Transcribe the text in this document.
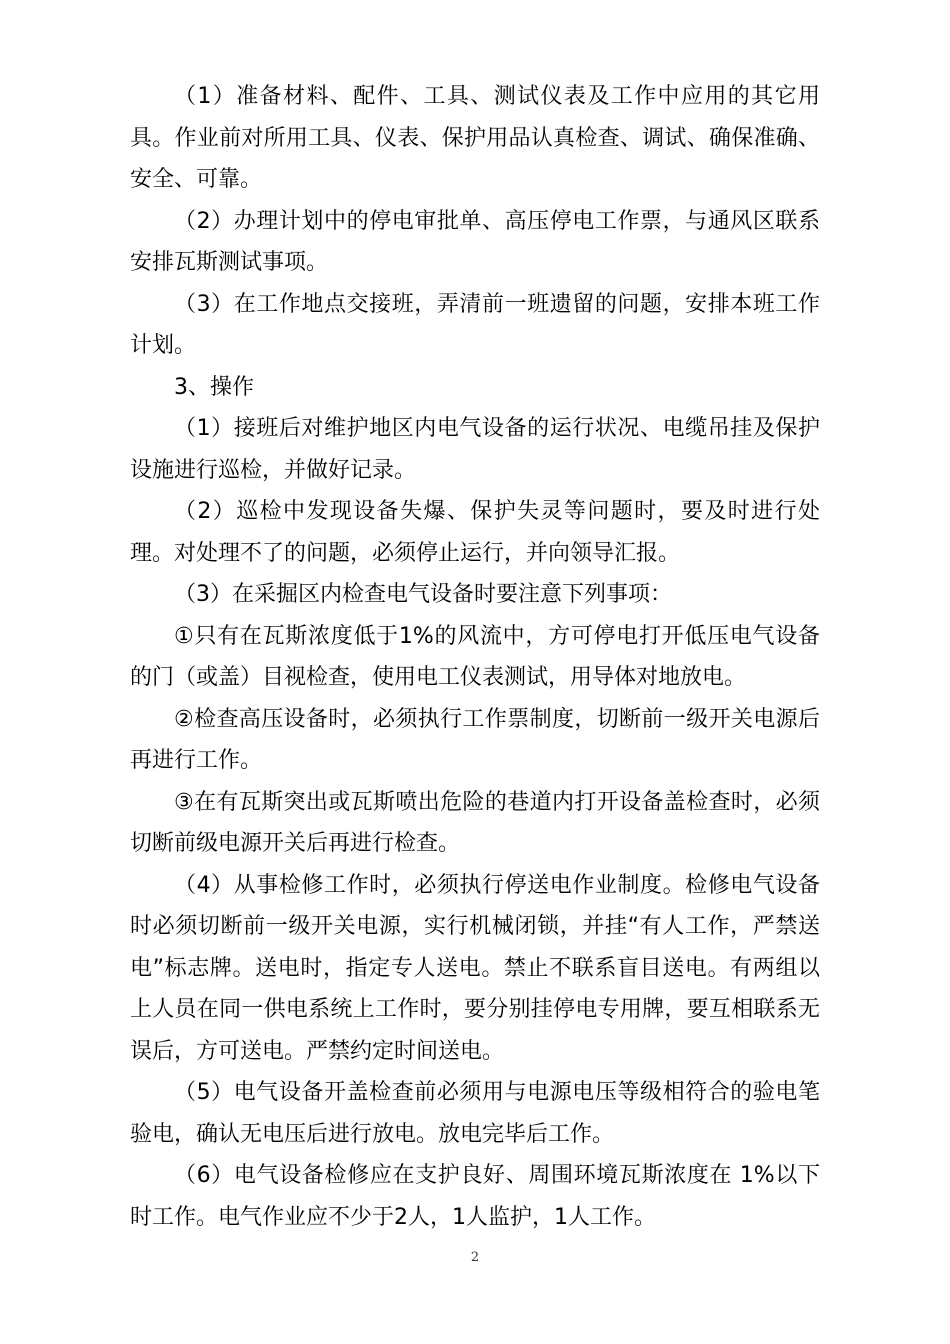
（1）准备材料、配件、工具、测试仪表及工作中应用的其它用具。作业前对所用工具、仪表、保护用品认真检查、调试、确保准确、安全、可靠。

（2）办理计划中的停电审批单、高压停电工作票，与通风区联系安排瓦斯测试事项。

（3）在工作地点交接班，弄清前一班遗留的问题，安排本班工作计划。

3、操作

（1）接班后对维护地区内电气设备的运行状况、电缆吊挂及保护设施进行巡检，并做好记录。

（2）巡检中发现设备失爆、保护失灵等问题时，要及时进行处理。对处理不了的问题，必须停止运行，并向领导汇报。

（3）在采掘区内检查电气设备时要注意下列事项：

①只有在瓦斯浓度低于1%的风流中，方可停电打开低压电气设备的门（或盖）目视检查，使用电工仪表测试，用导体对地放电。

②检查高压设备时，必须执行工作票制度，切断前一级开关电源后再进行工作。

③在有瓦斯突出或瓦斯喷出危险的巷道内打开设备盖检查时，必须切断前级电源开关后再进行检查。

（4）从事检修工作时，必须执行停送电作业制度。检修电气设备时必须切断前一级开关电源，实行机械闭锁，并挂“有人工作，严禁送电”标志牌。送电时，指定专人送电。禁止不联系盲目送电。有两组以上人员在同一供电系统上工作时，要分别挂停电专用牌，要互相联系无误后，方可送电。严禁约定时间送电。

（5）电气设备开盖检查前必须用与电源电压等级相符合的验电笔验电，确认无电压后进行放电。放电完毕后工作。

（6）电气设备检修应在支护良好、周围环境瓦斯浓度在 1%以下时工作。电气作业应不少于2人，1人监护，1人工作。

2
